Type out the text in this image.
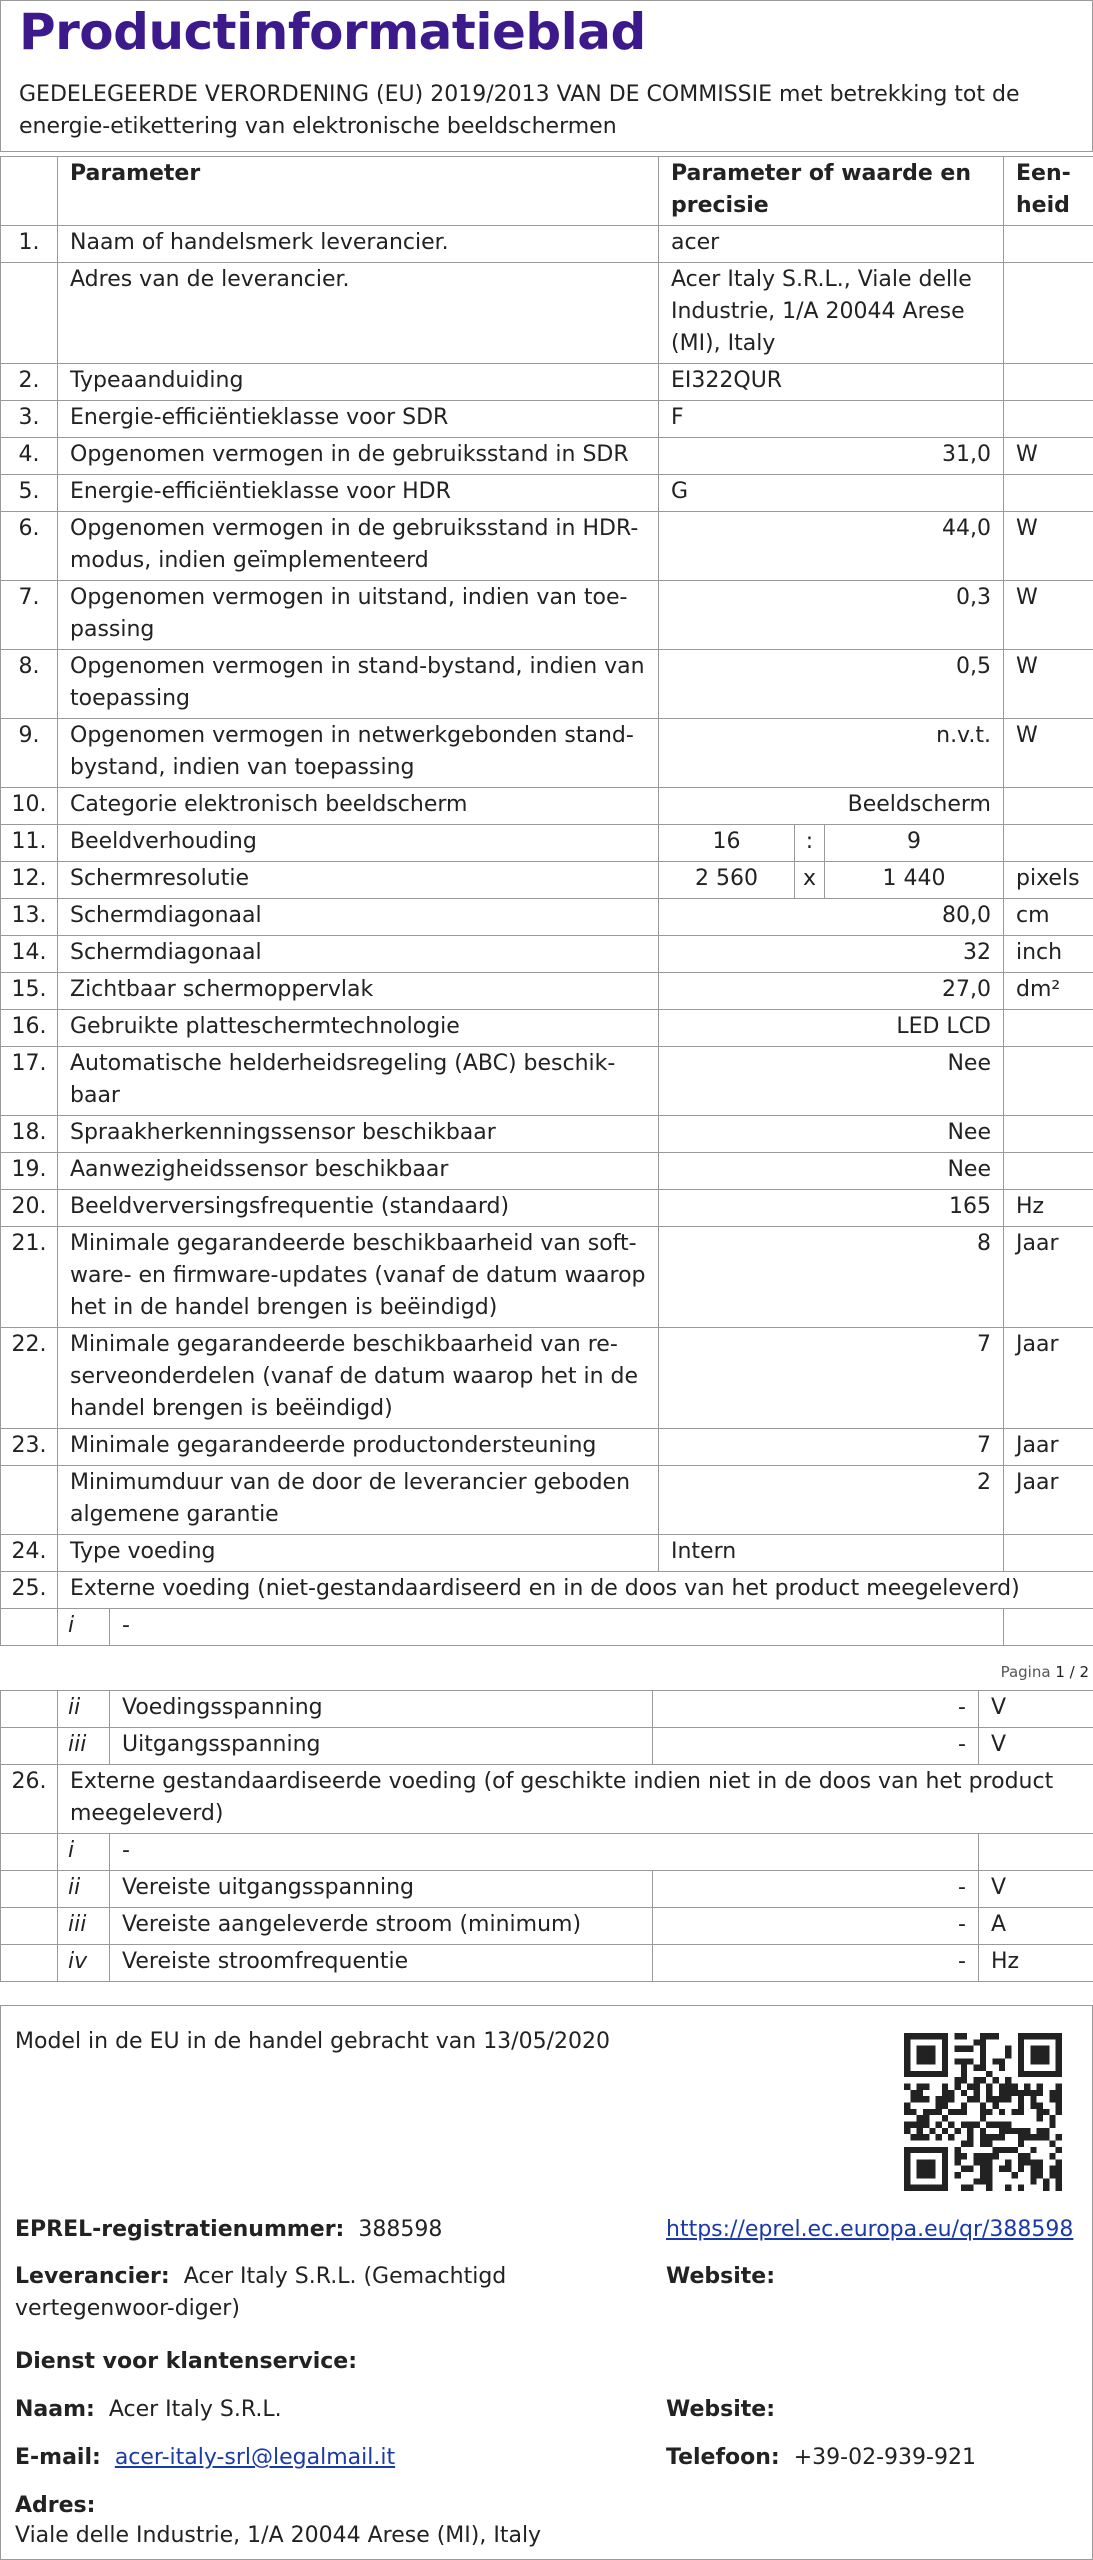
Productinformatieblad
GEDELEGEERDE VERORDENING (EU) 2019/2013 VAN DE COMMISSIE met betrekking tot de energie-etikettering van elektronische beeldschermen
	Parameter		Parameter of waarde en precisie			Een-heid
1.	Naam of handelsmerk leverancier.		acer			
	Adres van de leverancier.		Acer Italy S.R.L., Viale delle Industrie, 1/A 20044 Arese (MI), Italy			
2.	Typeaanduiding		EI322QUR			
3.	Energie-efficiëntieklasse voor SDR		F			
4.	Opgenomen vermogen in de gebruiksstand in SDR		31,0			W
5.	Energie-efficiëntieklasse voor HDR		G			
6.	Opgenomen vermogen in de gebruiksstand in HDR-modus, indien geïmplementeerd		44,0			W
7.	Opgenomen vermogen in uitstand, indien van toe-passing		0,3			W
8.	Opgenomen vermogen in stand-bystand, indien van toepassing		0,5			W
9.	Opgenomen vermogen in netwerkgebonden stand-bystand, indien van toepassing		n.v.t.			W
10.	Categorie elektronisch beeldscherm		Beeldscherm			
11.	Beeldverhouding		16	:	9	
12.	Schermresolutie		2 560	x	1 440	pixels
13.	Schermdiagonaal		80,0			cm
14.	Schermdiagonaal		32			inch
15.	Zichtbaar schermoppervlak		27,0			dm²
16.	Gebruikte platteschermtechnologie		LED LCD			
17.	Automatische helderheidsregeling (ABC) beschik-baar		Nee			
18.	Spraakherkenningssensor beschikbaar		Nee			
19.	Aanwezigheidssensor beschikbaar		Nee			
20.	Beeldverversingsfrequentie (standaard)		165			Hz
21.	Minimale gegarandeerde beschikbaarheid van soft-ware- en firmware-updates (vanaf de datum waarop het in de handel brengen is beëindigd)		8			Jaar
22.	Minimale gegarandeerde beschikbaarheid van re-serveonderdelen (vanaf de datum waarop het in de handel brengen is beëindigd)		7			Jaar
23.	Minimale gegarandeerde productondersteuning		7			Jaar
	Minimumduur van de door de leverancier geboden algemene garantie		2			Jaar
24.	Type voeding		Intern			
25.	Externe voeding (niet-gestandaardiseerd en in de doos van het product meegeleverd)					
	i	-				
Pagina 1 / 2
	ii	Voedingsspanning	-	V
	iii	Uitgangsspanning	-	V
26.	Externe gestandaardiseerde voeding (of geschikte indien niet in de doos van het product meegeleverd)			
	i	-		
	ii	Vereiste uitgangsspanning	-	V
	iii	Vereiste aangeleverde stroom (minimum)	-	A
	iv	Vereiste stroomfrequentie	-	Hz
Model in de EU in de handel gebracht van 13/05/2020
EPREL-registratienummer: 388598	https://eprel.ec.europa.eu/qr/388598
Leverancier: Acer Italy S.R.L. (Gemachtigd vertegenwoor-diger)
Website:
Dienst voor klantenservice:
Naam: Acer Italy S.R.L.	Website:
E-mail: acer-italy-srl@legalmail.it	Telefoon: +39-02-939-921
Adres:
Viale delle Industrie, 1/A 20044 Arese (MI), Italy
